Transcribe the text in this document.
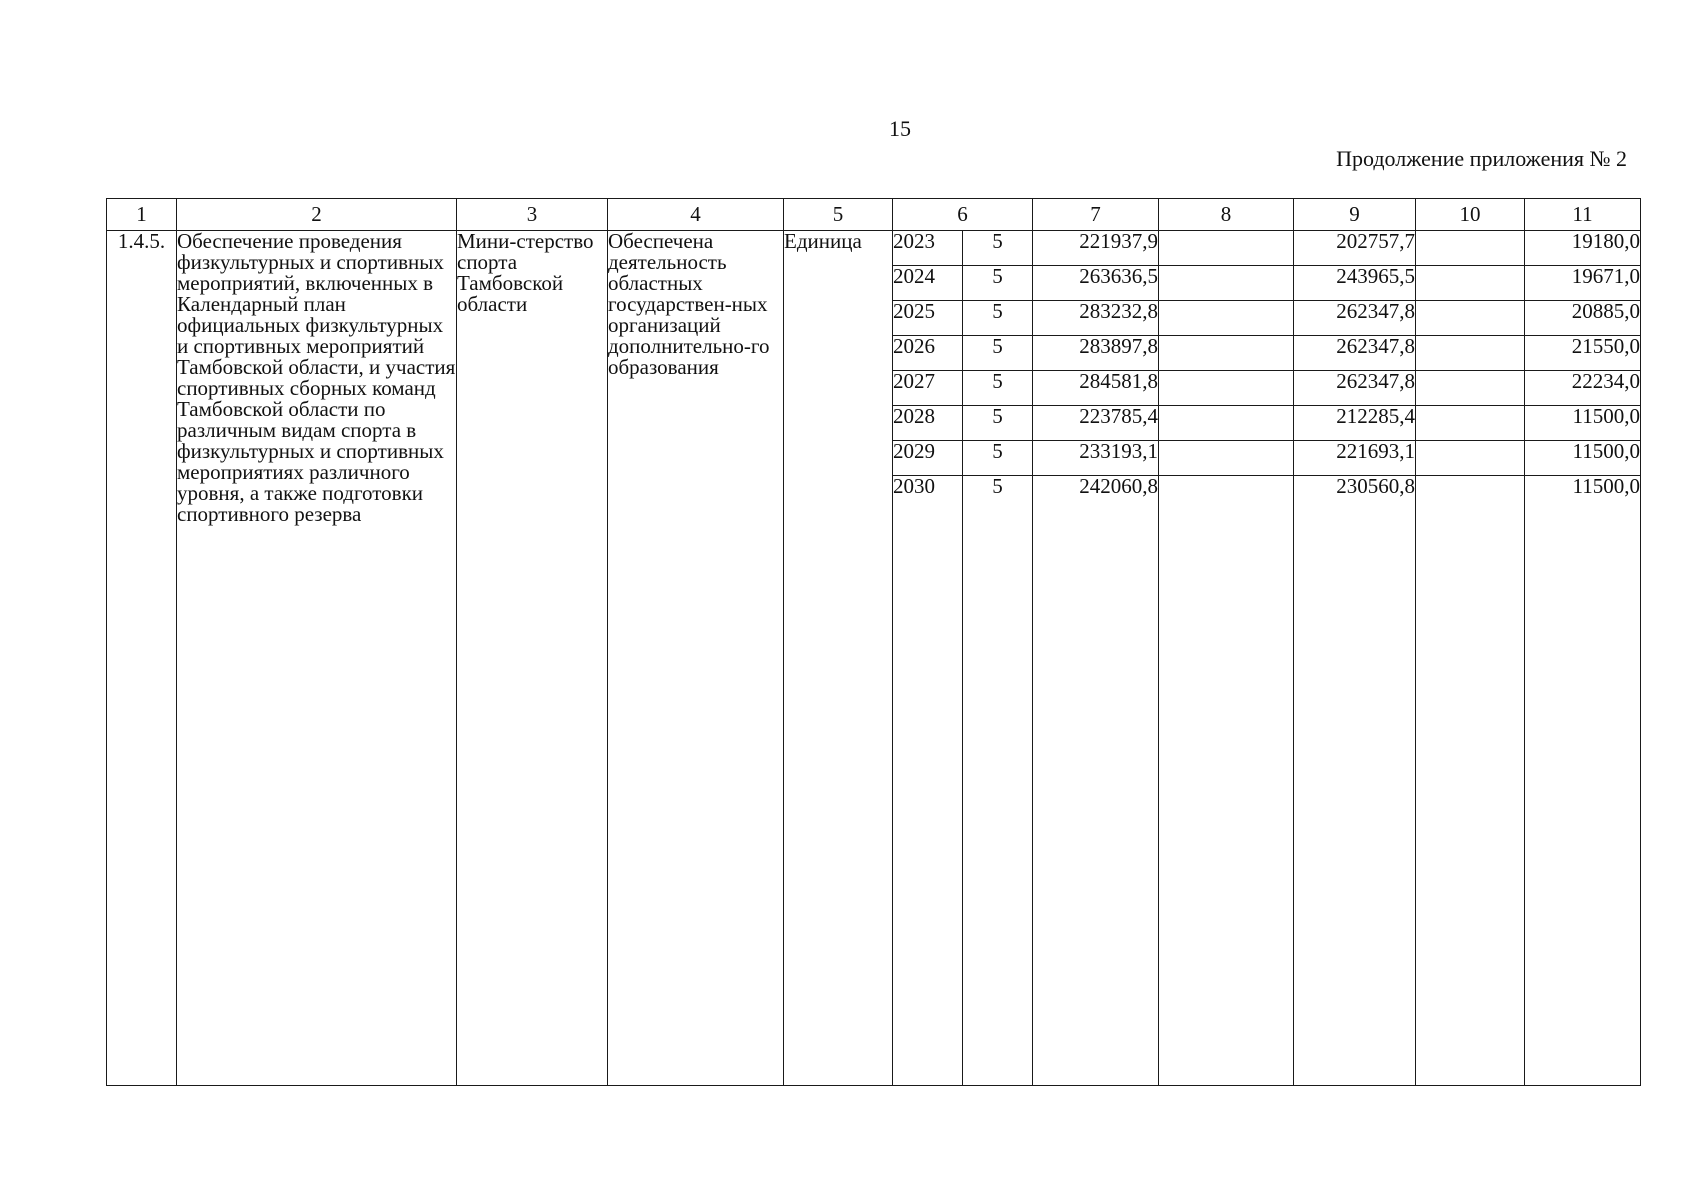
15
Продолжение приложения № 2
1	2	3	4	5	6		7	8	9	10	11
1.4.5.	Обеспечение проведения физкультурных и спортивных мероприятий, включенных в Календарный план официальных физкультурных и спортивных мероприятий Тамбовской области, и участия спортивных сборных команд Тамбовской области по различным видам спорта в физкультурных и спортивных мероприятиях различного уровня, а также подготовки спортивного резерва	Мини-стерство спорта Тамбовской области	Обеспечена деятельность областных государствен-ных организаций дополнительно-го образования	Единица	2023	5	221937,9		202757,7		19180,0
					2024	5	263636,5		243965,5		19671,0
					2025	5	283232,8		262347,8		20885,0
					2026	5	283897,8		262347,8		21550,0
					2027	5	284581,8		262347,8		22234,0
					2028	5	223785,4		212285,4		11500,0
					2029	5	233193,1		221693,1		11500,0
					2030	5	242060,8		230560,8		11500,0
